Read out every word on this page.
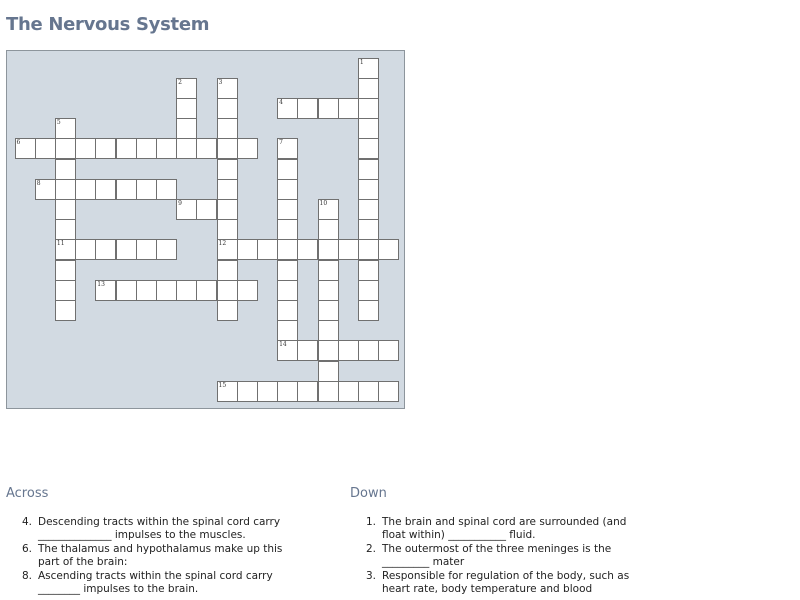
The Nervous System
1
2	3
12
4
5
11
6	7
14
8
9	10
13
15
Across
4. Descending tracts within the spinal cord carry
______________ impulses to the muscles.
6. The thalamus and hypothalamus make up this
part of the brain:
8. Ascending tracts within the spinal cord carry
________ impulses to the brain.
Down
1. The brain and spinal cord are surrounded (and
float within) ___________ fluid.
2. The outermost of the three meninges is the
_________ mater
3. Responsible for regulation of the body, such as
heart rate, body temperature and blood
